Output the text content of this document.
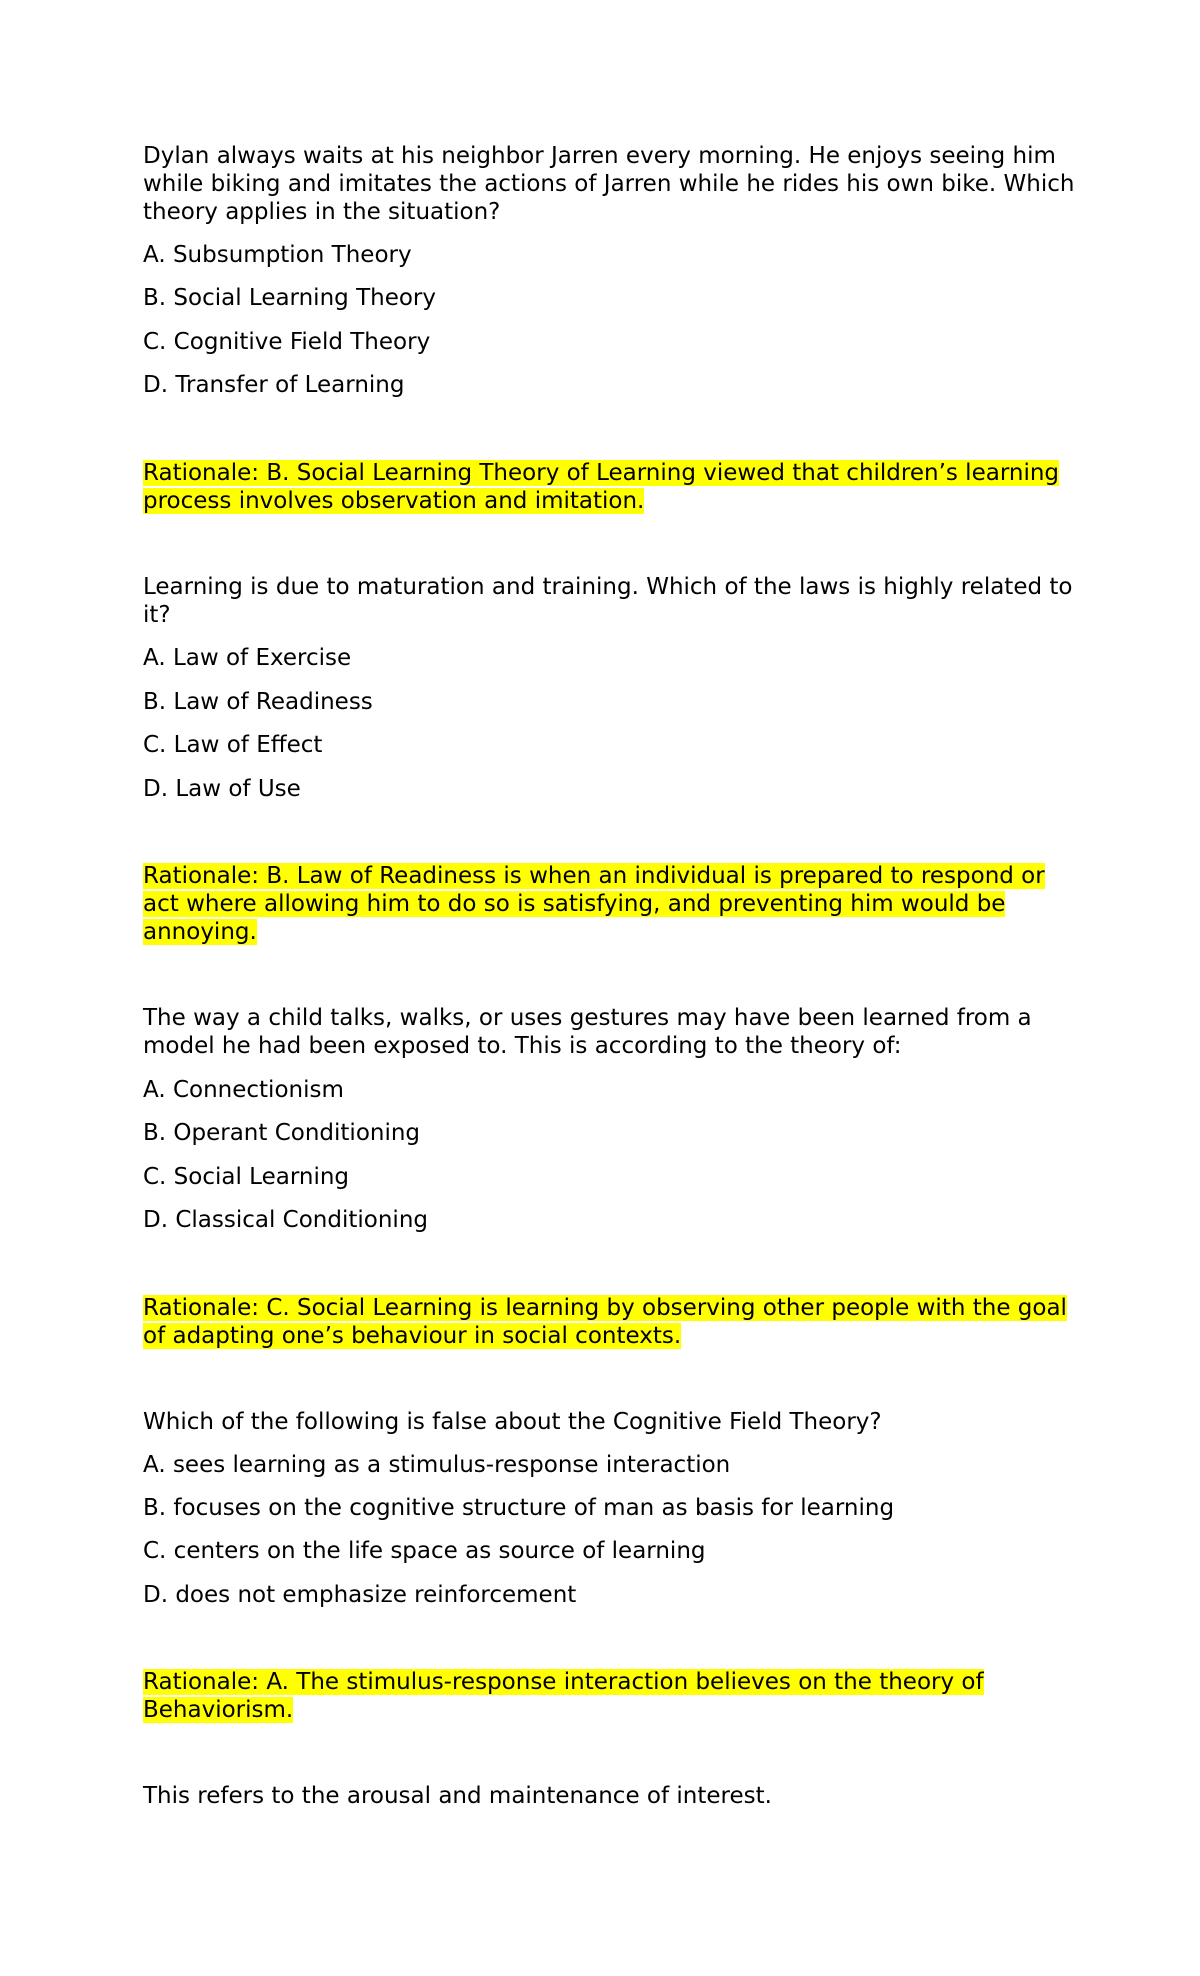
Dylan always waits at his neighbor Jarren every morning. He enjoys seeing him while biking and imitates the actions of Jarren while he rides his own bike. Which theory applies in the situation?

A. Subsumption Theory
B. Social Learning Theory
C. Cognitive Field Theory
D. Transfer of Learning
Rationale: B. Social Learning Theory of Learning viewed that children’s learning process involves observation and imitation.

Learning is due to maturation and training. Which of the laws is highly related to it?

A. Law of Exercise
B. Law of Readiness
C. Law of Effect
D. Law of Use
Rationale: B. Law of Readiness is when an individual is prepared to respond or act where allowing him to do so is satisfying, and preventing him would be annoying.

The way a child talks, walks, or uses gestures may have been learned from a model he had been exposed to. This is according to the theory of:

A. Connectionism
B. Operant Conditioning
C. Social Learning
D. Classical Conditioning
Rationale: C. Social Learning is learning by observing other people with the goal of adapting one’s behaviour in social contexts.

Which of the following is false about the Cognitive Field Theory?

A. sees learning as a stimulus-response interaction
B. focuses on the cognitive structure of man as basis for learning
C. centers on the life space as source of learning
D. does not emphasize reinforcement
Rationale: A. The stimulus-response interaction believes on the theory of Behaviorism.

This refers to the arousal and maintenance of interest.
